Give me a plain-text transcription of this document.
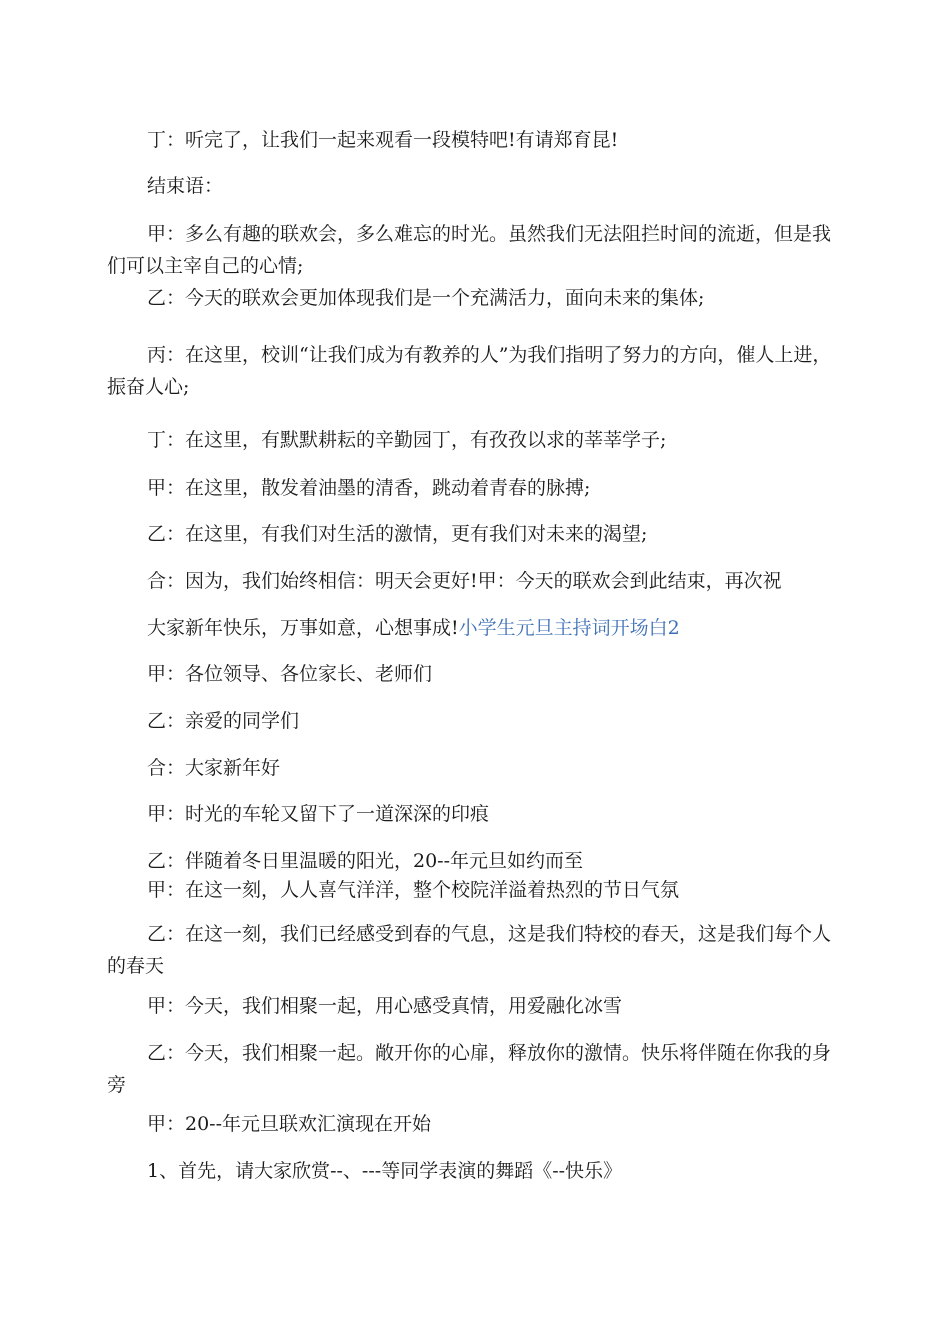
丁：听完了，让我们一起来观看一段模特吧!有请郑育昆!
结束语：
甲：多么有趣的联欢会，多么难忘的时光。虽然我们无法阻拦时间的流逝，但是我们可以主宰自己的心情;
乙：今天的联欢会更加体现我们是一个充满活力，面向未来的集体;
丙：在这里，校训“让我们成为有教养的人”为我们指明了努力的方向，催人上进，振奋人心;
丁：在这里，有默默耕耘的辛勤园丁，有孜孜以求的莘莘学子;
甲：在这里，散发着油墨的清香，跳动着青春的脉搏;
乙：在这里，有我们对生活的激情，更有我们对未来的渴望;
合：因为，我们始终相信：明天会更好!甲：今天的联欢会到此结束，再次祝
大家新年快乐，万事如意，心想事成!小学生元旦主持词开场白2
甲：各位领导、各位家长、老师们
乙：亲爱的同学们
合：大家新年好
甲：时光的车轮又留下了一道深深的印痕
乙：伴随着冬日里温暖的阳光，20--年元旦如约而至
甲：在这一刻，人人喜气洋洋，整个校院洋溢着热烈的节日气氛
乙：在这一刻，我们已经感受到春的气息，这是我们特校的春天，这是我们每个人的春天
甲：今天，我们相聚一起，用心感受真情，用爱融化冰雪
乙：今天，我们相聚一起。敞开你的心扉，释放你的激情。快乐将伴随在你我的身旁
甲：20--年元旦联欢汇演现在开始
1、首先，请大家欣赏--、---等同学表演的舞蹈《--快乐》
